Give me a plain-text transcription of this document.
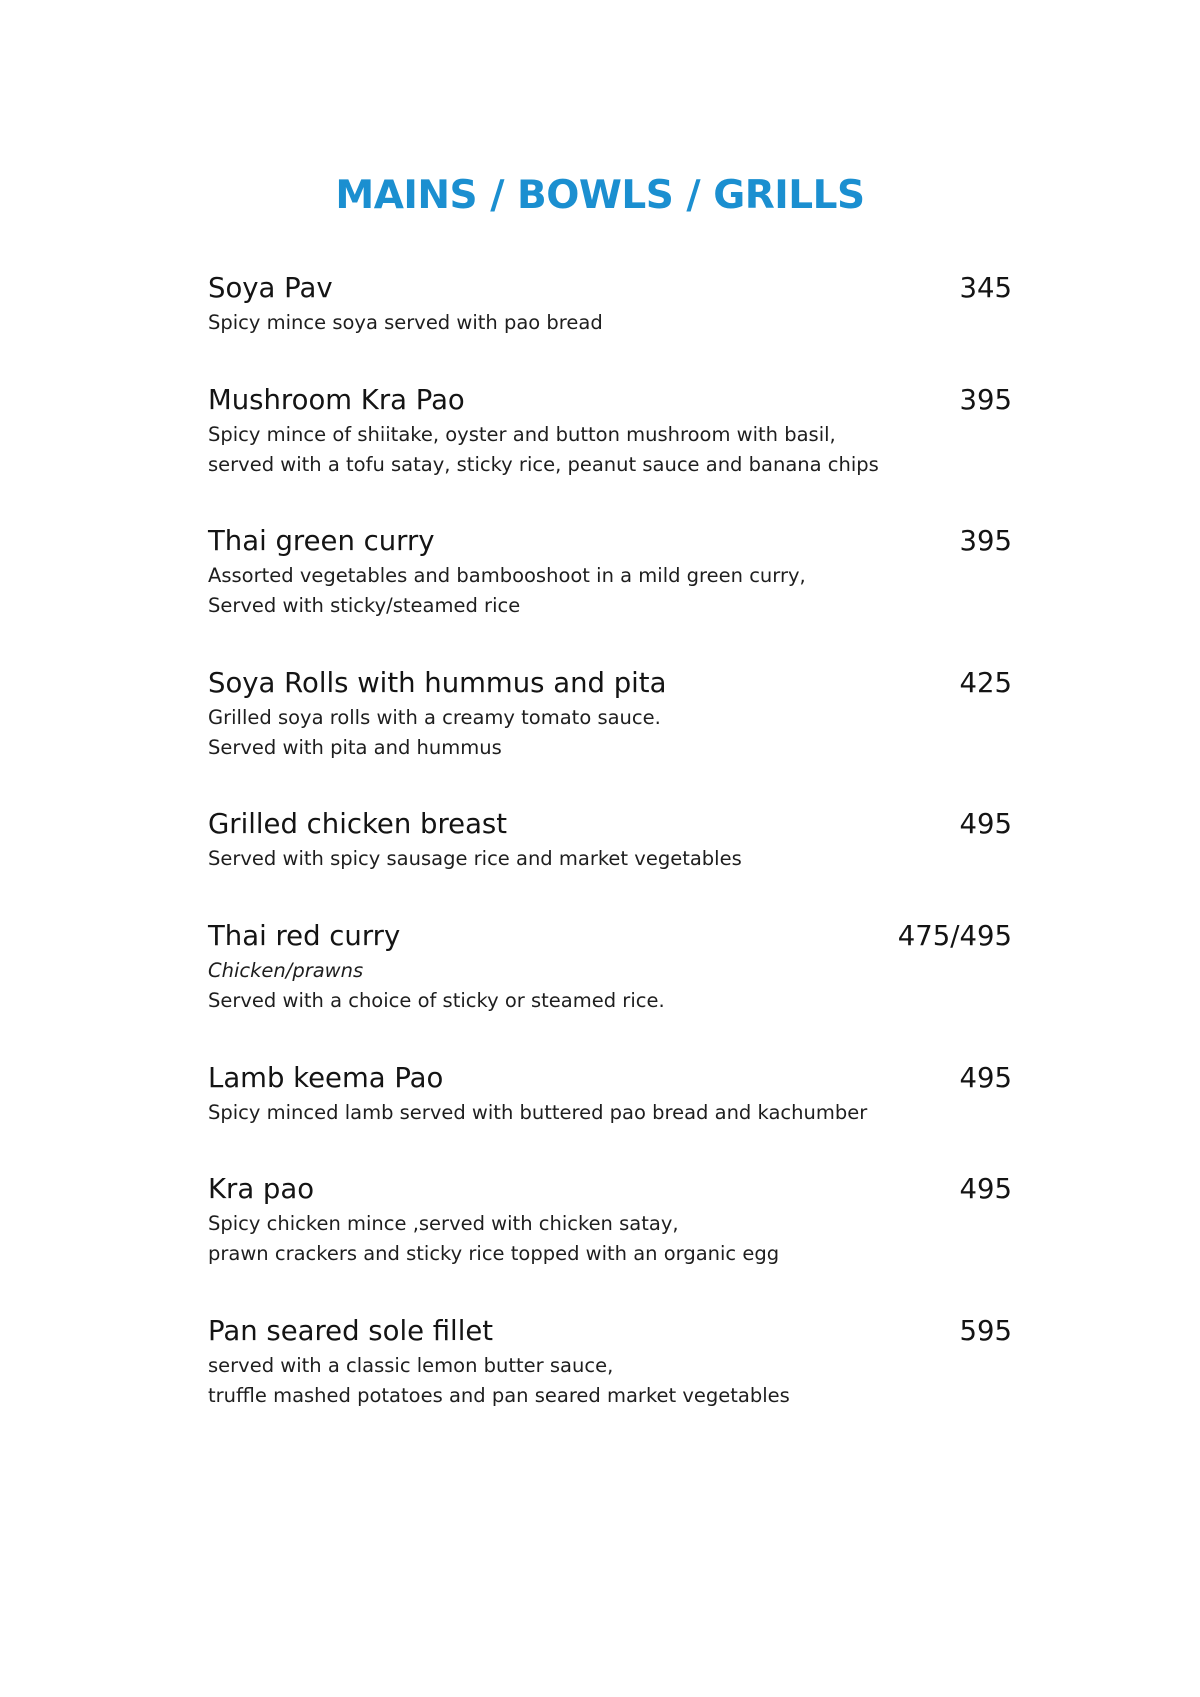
MAINS / BOWLS / GRILLS
Soya Pav	345
Spicy mince soya served with pao bread
Mushroom Kra Pao	395
Spicy mince of shiitake, oyster and button mushroom with basil,
served with a tofu satay, sticky rice, peanut sauce and banana chips
Thai green curry	395
Assorted vegetables and bambooshoot in a mild green curry,
Served with sticky/steamed rice
Soya Rolls with hummus and pita	425
Grilled soya rolls with a creamy tomato sauce.
Served with pita and hummus
Grilled chicken breast	495
Served with spicy sausage rice and market vegetables
Thai red curry	475/495
Chicken/prawns
Served with a choice of sticky or steamed rice.
Lamb keema Pao	495
Spicy minced lamb served with buttered pao bread and kachumber
Kra pao	495
Spicy chicken mince ,served with chicken satay,
prawn crackers and sticky rice topped with an organic egg
Pan seared sole fillet	595
served with a classic lemon butter sauce,
truffle mashed potatoes and pan seared market vegetables
